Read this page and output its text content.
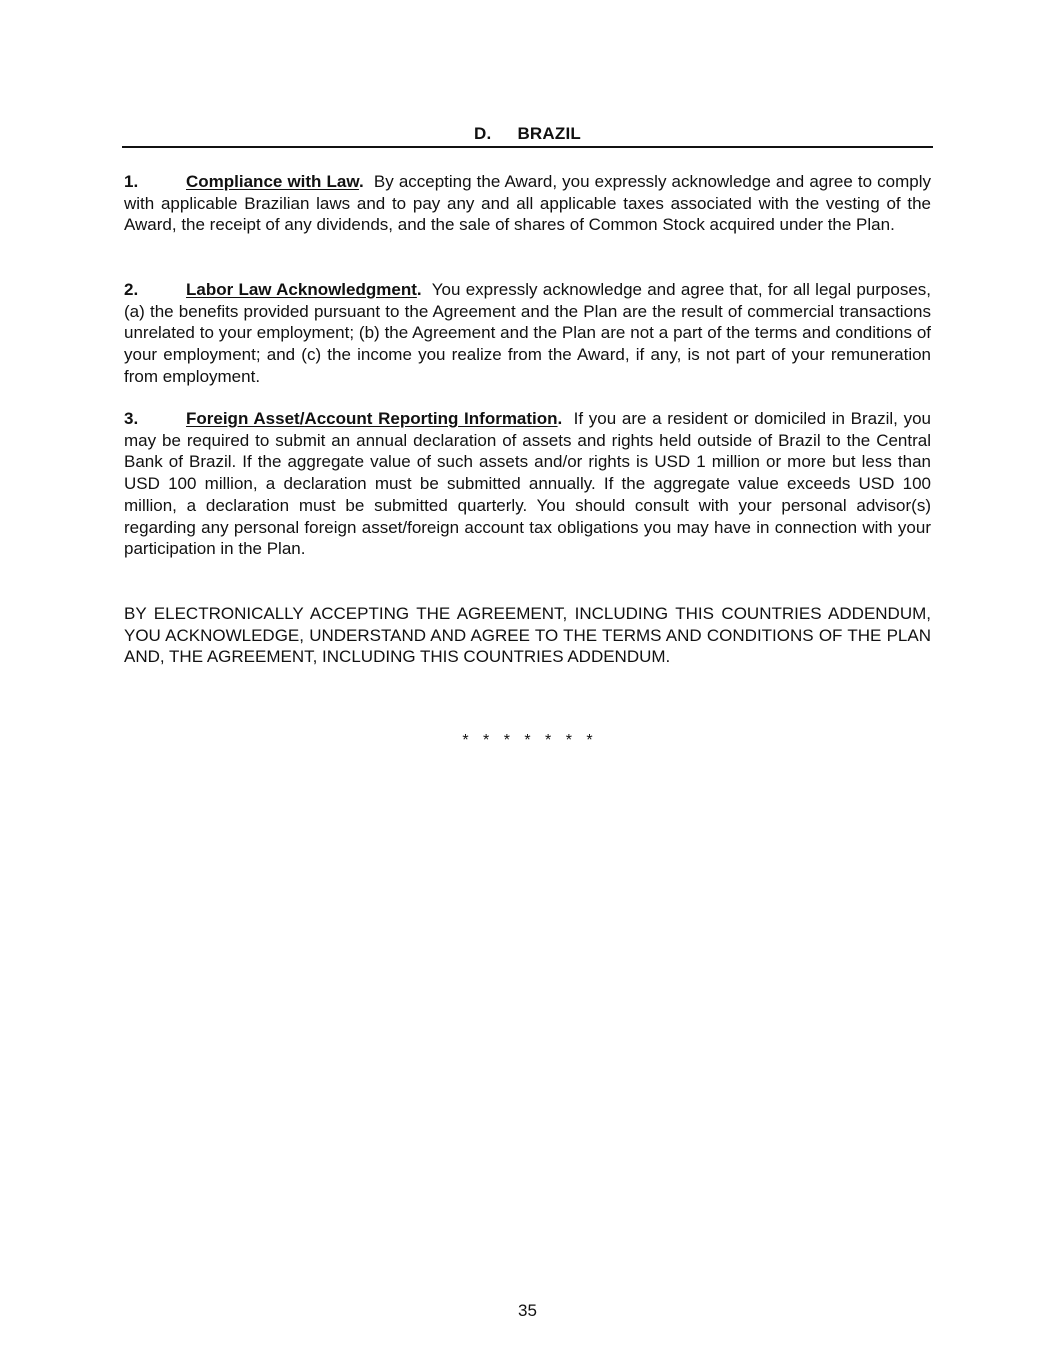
D. BRAZIL
1.	Compliance with Law. By accepting the Award, you expressly acknowledge and agree to comply with applicable Brazilian laws and to pay any and all applicable taxes associated with the vesting of the Award, the receipt of any dividends, and the sale of shares of Common Stock acquired under the Plan.
2.	Labor Law Acknowledgment. You expressly acknowledge and agree that, for all legal purposes, (a) the benefits provided pursuant to the Agreement and the Plan are the result of commercial transactions unrelated to your employment; (b) the Agreement and the Plan are not a part of the terms and conditions of your employment; and (c) the income you realize from the Award, if any, is not part of your remuneration from employment.
3.	Foreign Asset/Account Reporting Information. If you are a resident or domiciled in Brazil, you may be required to submit an annual declaration of assets and rights held outside of Brazil to the Central Bank of Brazil. If the aggregate value of such assets and/or rights is USD 1 million or more but less than USD 100 million, a declaration must be submitted annually. If the aggregate value exceeds USD 100 million, a declaration must be submitted quarterly. You should consult with your personal advisor(s) regarding any personal foreign asset/foreign account tax obligations you may have in connection with your participation in the Plan.
BY ELECTRONICALLY ACCEPTING THE AGREEMENT, INCLUDING THIS COUNTRIES ADDENDUM, YOU ACKNOWLEDGE, UNDERSTAND AND AGREE TO THE TERMS AND CONDITIONS OF THE PLAN AND, THE AGREEMENT, INCLUDING THIS COUNTRIES ADDENDUM.
* * * * * * *
35
